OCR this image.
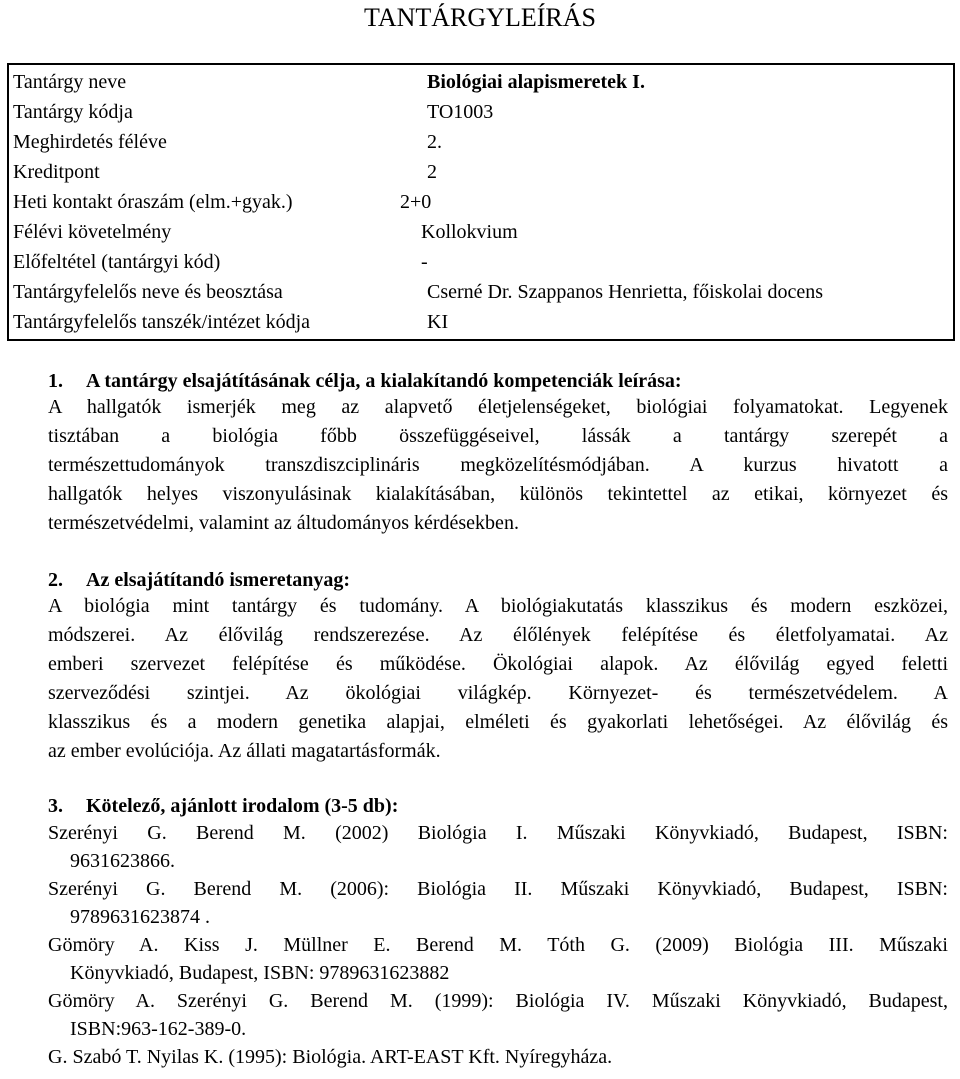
TANTÁRGYLEÍRÁS
Tantárgy neve	Biológiai alapismeretek I.
Tantárgy kódja	TO1003
Meghirdetés féléve	2.
Kreditpont	2
Heti kontakt óraszám (elm.+gyak.)	2+0
Félévi követelmény	Kollokvium
Előfeltétel (tantárgyi kód)	-
Tantárgyfelelős neve és beosztása	Cserné Dr. Szappanos Henrietta, főiskolai docens
Tantárgyfelelős tanszék/intézet kódja	KI
1. A tantárgy elsajátításának célja, a kialakítandó kompetenciák leírása:
A hallgatók ismerjék meg az alapvető életjelenségeket, biológiai folyamatokat. Legyenek
tisztában a biológia főbb összefüggéseivel, lássák a tantárgy szerepét a
természettudományok transzdiszciplináris megközelítésmódjában. A kurzus hivatott a
hallgatók helyes viszonyulásinak kialakításában, különös tekintettel az etikai, környezet és
természetvédelmi, valamint az áltudományos kérdésekben.
2. Az elsajátítandó ismeretanyag:
A biológia mint tantárgy és tudomány. A biológiakutatás klasszikus és modern eszközei,
módszerei. Az élővilág rendszerezése. Az élőlények felépítése és életfolyamatai. Az
emberi szervezet felépítése és működése. Ökológiai alapok. Az élővilág egyed feletti
szerveződési szintjei. Az ökológiai világkép. Környezet- és természetvédelem. A
klasszikus és a modern genetika alapjai, elméleti és gyakorlati lehetőségei. Az élővilág és
az ember evolúciója. Az állati magatartásformák.
3. Kötelező, ajánlott irodalom (3-5 db):
Szerényi G. Berend M. (2002) Biológia I. Műszaki Könyvkiadó, Budapest, ISBN:
9631623866.
Szerényi G. Berend M. (2006): Biológia II. Műszaki Könyvkiadó, Budapest, ISBN:
9789631623874 .
Gömöry A. Kiss J. Müllner E. Berend M. Tóth G. (2009) Biológia III. Műszaki
Könyvkiadó, Budapest, ISBN: 9789631623882
Gömöry A. Szerényi G. Berend M. (1999): Biológia IV. Műszaki Könyvkiadó, Budapest,
ISBN:963-162-389-0.
G. Szabó T. Nyilas K. (1995): Biológia. ART-EAST Kft. Nyíregyháza.
